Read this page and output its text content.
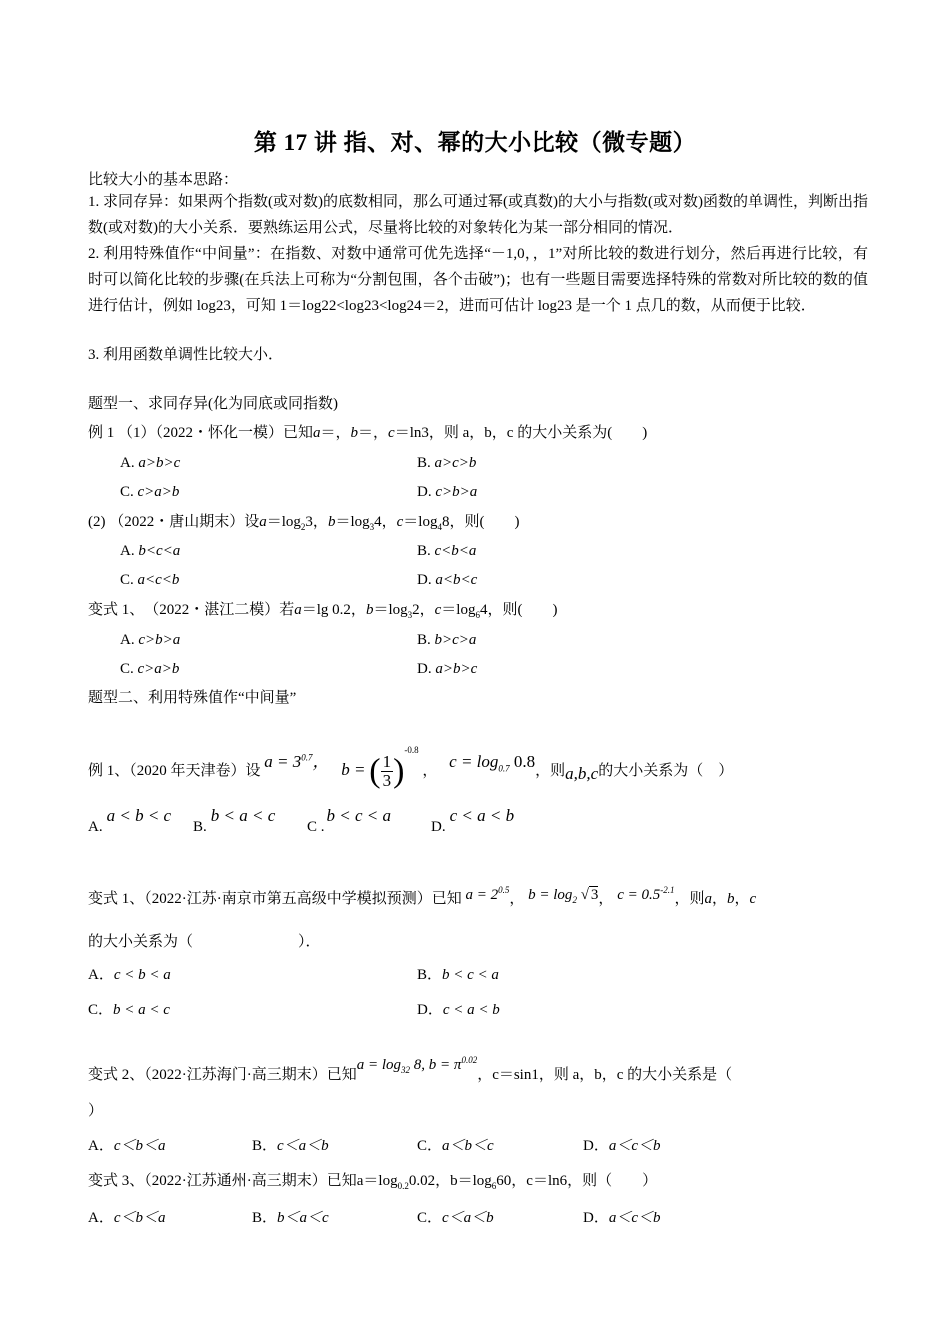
第 17 讲 指、对、幂的大小比较（微专题）
比较大小的基本思路：
1. 求同存异：如果两个指数(或对数)的底数相同，那么可通过幂(或真数)的大小与指数(或对数)函数的单调性，判断出指数(或对数)的大小关系．要熟练运用公式，尽量将比较的对象转化为某一部分相同的情况．
2. 利用特殊值作“中间量”：在指数、对数中通常可优先选择“－1,0，，1”对所比较的数进行划分，然后再进行比较，有时可以简化比较的步骤(在兵法上可称为“分割包围，各个击破”)；也有一些题目需要选择特殊的常数对所比较的数的值进行估计，例如 log23，可知 1＝log22<log23<log24＝2，进而可估计 log23 是一个 1 点几的数，从而便于比较．
3. 利用函数单调性比较大小．
题型一、求同存异(化为同底或同指数)
例 1 （1）（2022・怀化一模）已知a＝，b＝，c＝ln3，则 a，b，c 的大小关系为(　　)
A. a>b>c	B. a>c>b
C. c>a>b	D. c>b>a
(2) （2022・唐山期末）设$a=\log_23$，$b=\log_34$，$c=\log_48$，则(　　)
A. b<c<a	B. c<b<a
C. a<c<b	D. a<b<c
变式 1、　（2022・湛江二模）若a＝lg 0.2，$b=\log_32$，$c=\log_64$，则(　　)
A. c>b>a	B. b>c>a
C. c>a>b	D. a>b>c
题型二、利用特殊值作“中间量”
例 1、（2020 年天津卷）设 $a = 3^{0.7}$， b = ( $\frac{1}{3} )^{-0.8}$ ， $c = \log_{0.7} 0.8$，则a,b,c的大小关系为（　）
A.a < b < c
B.b < a < c
C .b < c < a
D.c < a < b
变式 1、（2022·江苏·南京市第五高级中学模拟预测）已知 $a = 2^{0.5}$， $b = \log_2$ √ 3， $c = 0.5^{-2.1}$，则a，b，c
的大小关系为（　　　　　　　）．
A．c < b < a	B．b < c < a
C．b < a < c	D．c < a < b
变式 2、（2022·江苏海门·高三期末）已知$a = \log_{32} 8$, $b = \pi^{0.02}$，c＝sin1，则 a，b，c 的大小关系是（
）
A．c＜b＜a	B．c＜a＜b	C．a＜b＜c	D．a＜c＜b
变式 3、（2022·江苏通州·高三期末）已知$a=\log_{0.2}0.02$，$b=\log_660$，c＝ln6，则（　　）
A．c＜b＜a	B．b＜a＜c	C．c＜a＜b	D．a＜c＜b
